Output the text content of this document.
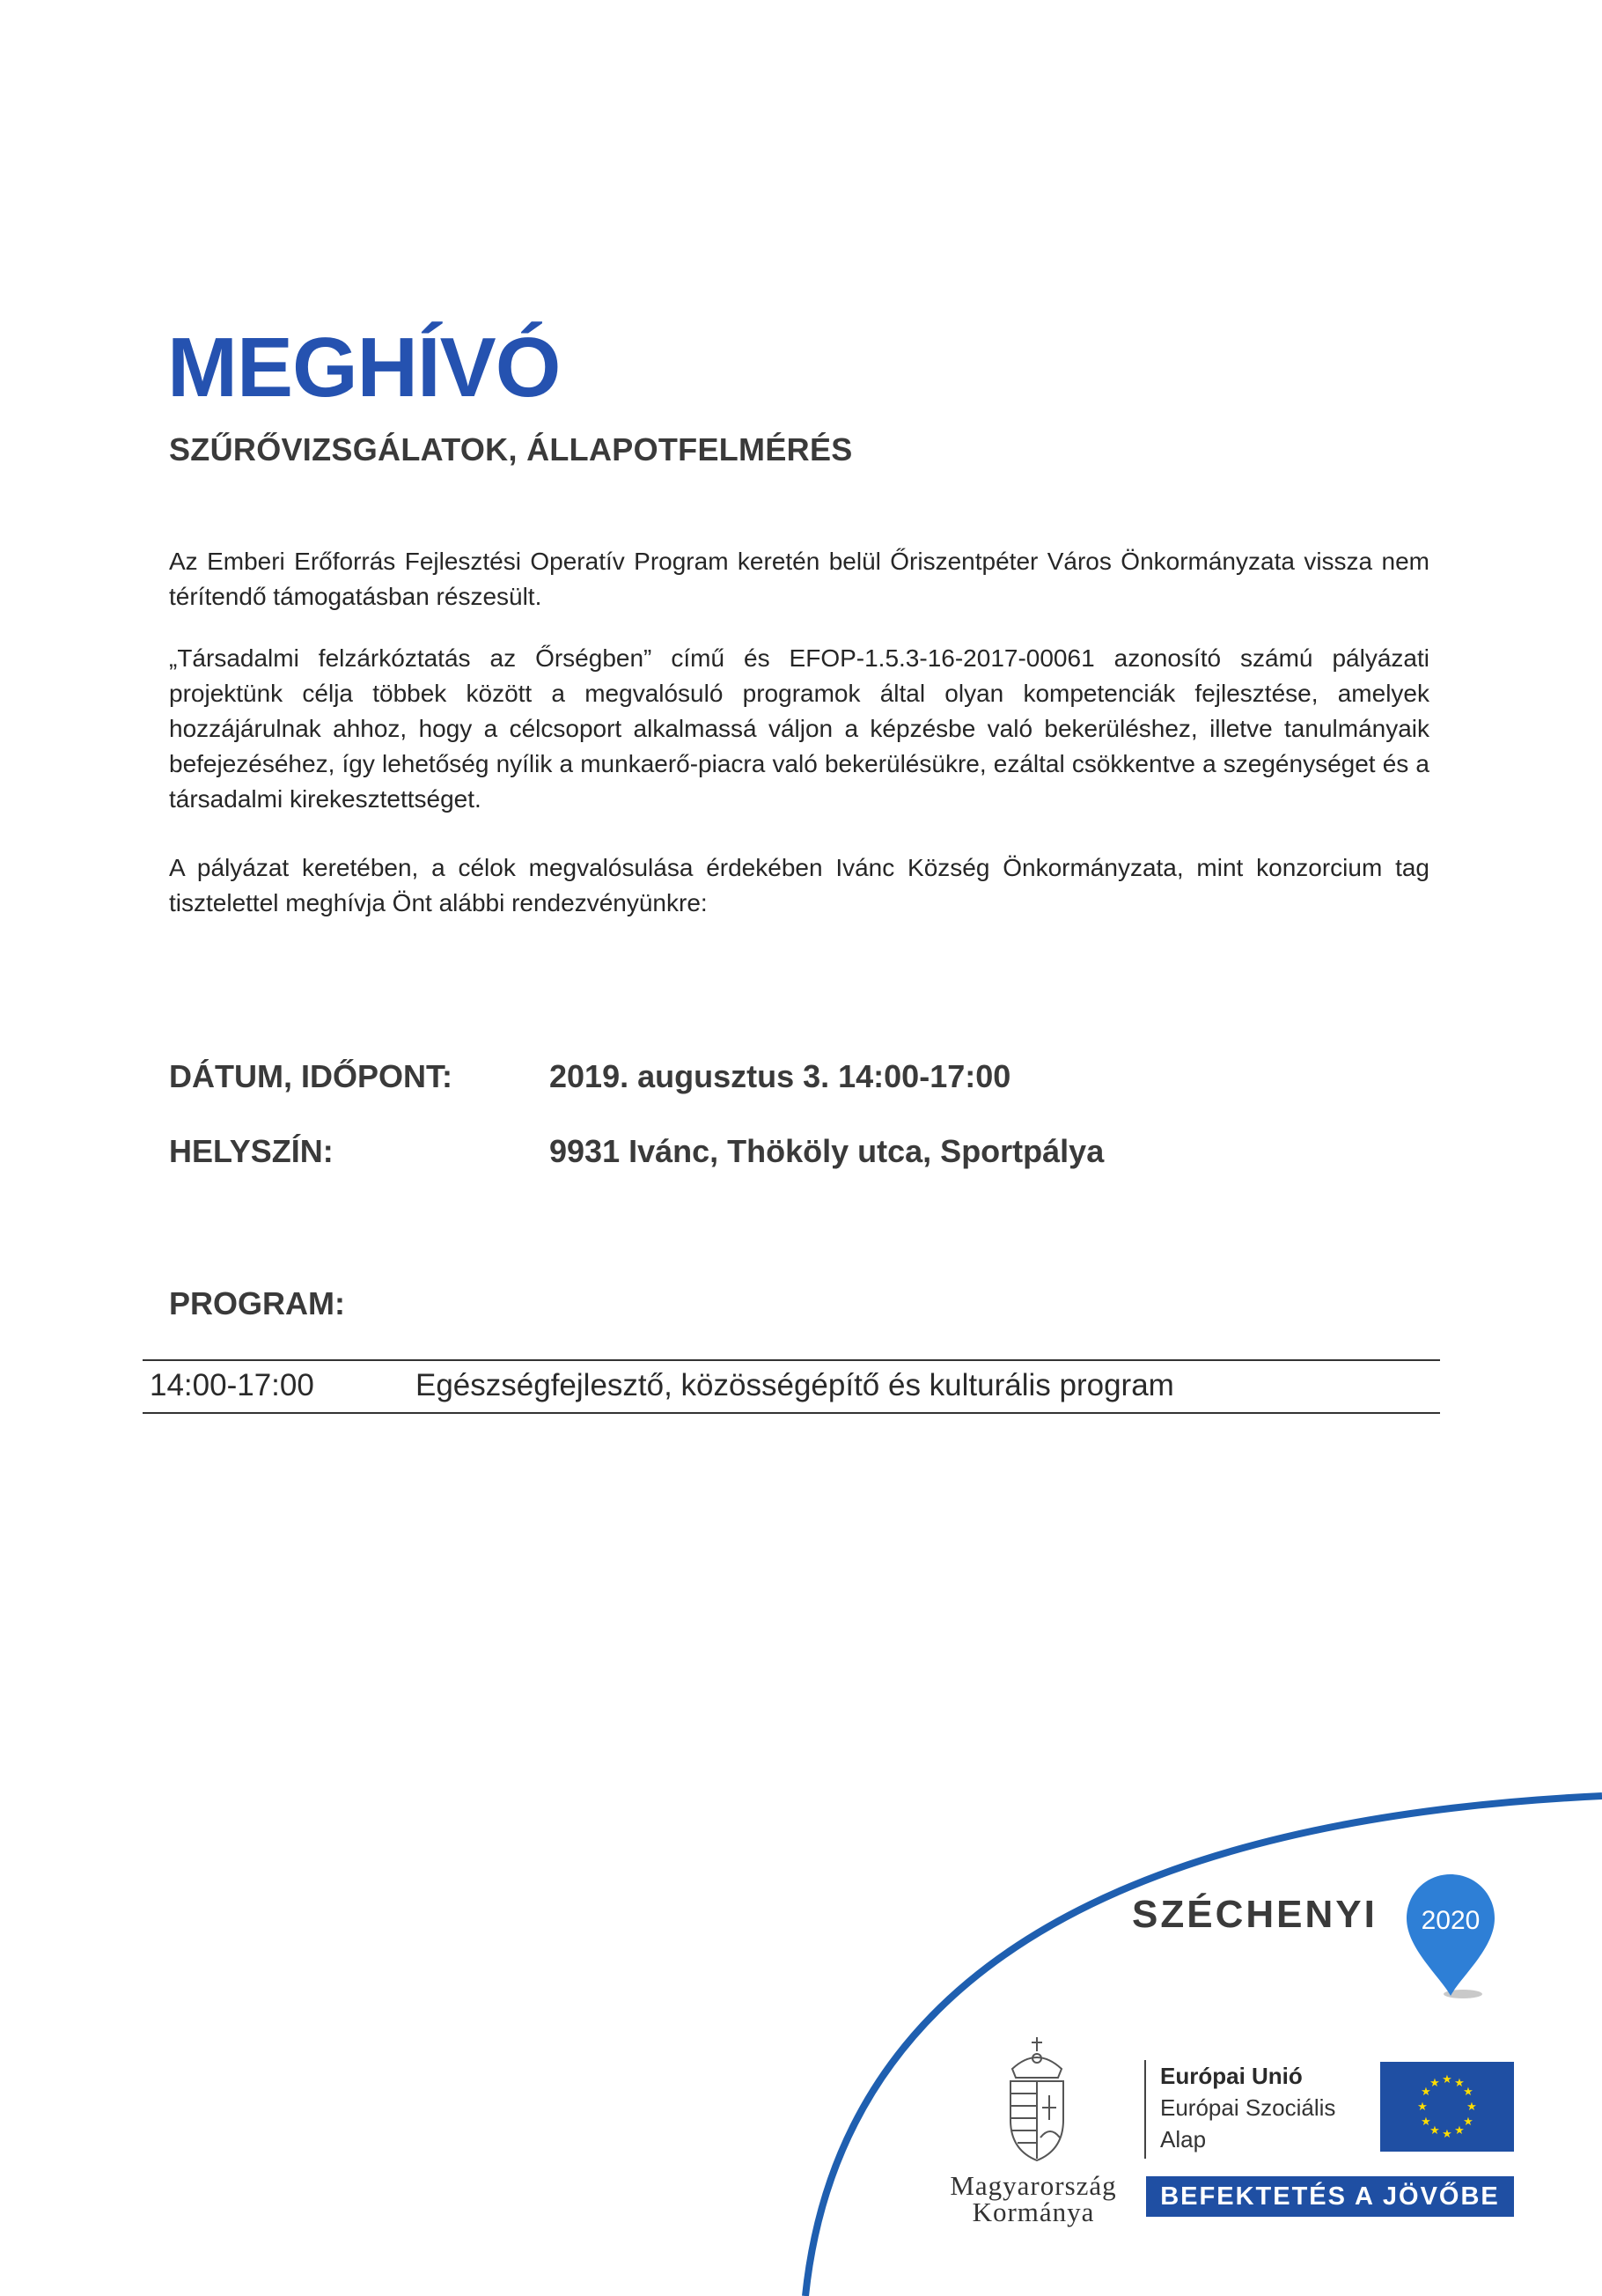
MEGHÍVÓ
SZŰRŐVIZSGÁLATOK, ÁLLAPOTFELMÉRÉS

Az Emberi Erőforrás Fejlesztési Operatív Program keretén belül Őriszentpéter Város Önkormányzata vissza nem térítendő támogatásban részesült.

„Társadalmi felzárkóztatás az Őrségben” című és EFOP-1.5.3-16-2017-00061 azonosító számú pályázati projektünk célja többek között a megvalósuló programok által olyan kompetenciák fejlesztése, amelyek hozzájárulnak ahhoz, hogy a célcsoport alkalmassá váljon a képzésbe való bekerüléshez, illetve tanulmányaik befejezéséhez, így lehetőség nyílik a munkaerő-piacra való bekerülésükre, ezáltal csökkentve a szegénységet és a társadalmi kirekesztettséget.

A pályázat keretében, a célok megvalósulása érdekében Ivánc Község Önkormányzata, mint konzorcium tag tisztelettel meghívja Önt alábbi rendezvényünkre:

DÁTUM, IDŐPONT:	2019. augusztus 3. 14:00-17:00
HELYSZÍN:	9931 Ivánc, Thököly utca, Sportpálya
PROGRAM:
14:00-17:00	Egészségfejlesztő, közösségépítő és kulturális program
SZÉCHENYI 2020
Magyarország
Kormánya
Európai Unió
Európai Szociális
Alap
★ ★
★
★
★
★
★
★
★
★
★
★
BEFEKTETÉS A JÖVŐBE
